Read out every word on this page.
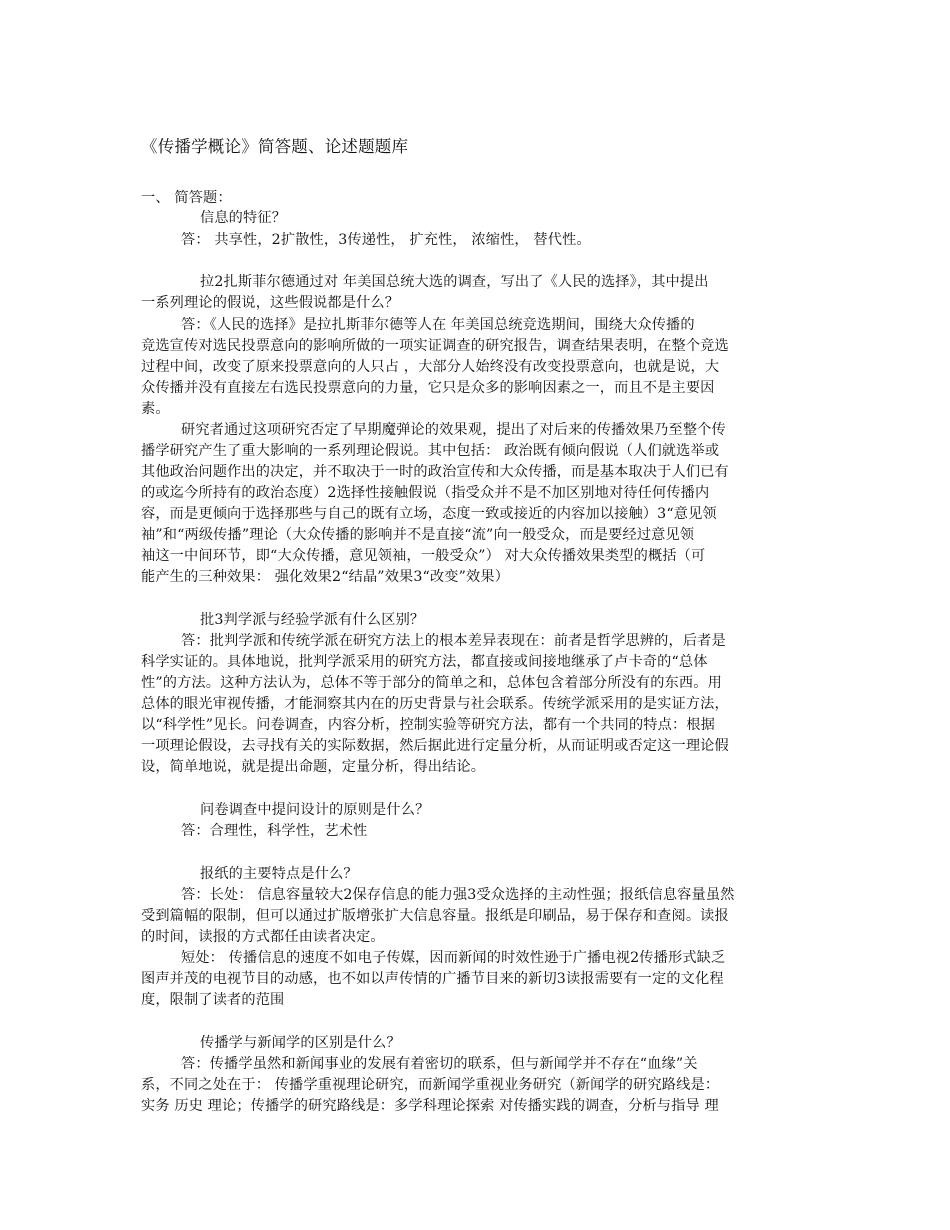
《传播学概论》简答题、论述题题库
一、 简答题：
信息的特征？
答： 共享性，2扩散性，3传递性， 扩充性， 浓缩性， 替代性。
拉2扎斯菲尔德通过对 年美国总统大选的调查，写出了《人民的选择》，其中提出
一系列理论的假说，这些假说都是什么？
答：《人民的选择》是拉扎斯菲尔德等人在 年美国总统竞选期间，围绕大众传播的
竞选宣传对选民投票意向的影响所做的一项实证调查的研究报告，调查结果表明，在整个竞选
过程中间，改变了原来投票意向的人只占 ，大部分人始终没有改变投票意向，也就是说，大
众传播并没有直接左右选民投票意向的力量，它只是众多的影响因素之一，而且不是主要因
素。
研究者通过这项研究否定了早期魔弹论的效果观，提出了对后来的传播效果乃至整个传
播学研究产生了重大影响的一系列理论假说。其中包括： 政治既有倾向假说（人们就选举或
其他政治问题作出的决定，并不取决于一时的政治宣传和大众传播，而是基本取决于人们已有
的或迄今所持有的政治态度）2选择性接触假说（指受众并不是不加区别地对待任何传播内
容，而是更倾向于选择那些与自己的既有立场，态度一致或接近的内容加以接触）3“意见领
袖”和“两级传播”理论（大众传播的影响并不是直接“流”向一般受众，而是要经过意见领
袖这一中间环节，即“大众传播，意见领袖，一般受众”） 对大众传播效果类型的概括（可
能产生的三种效果： 强化效果2“结晶”效果3“改变”效果）
批3判学派与经验学派有什么区别？
答：批判学派和传统学派在研究方法上的根本差异表现在：前者是哲学思辨的，后者是
科学实证的。具体地说，批判学派采用的研究方法，都直接或间接地继承了卢卡奇的“总体
性”的方法。这种方法认为，总体不等于部分的简单之和，总体包含着部分所没有的东西。用
总体的眼光审视传播，才能洞察其内在的历史背景与社会联系。传统学派采用的是实证方法，
以“科学性”见长。问卷调查，内容分析，控制实验等研究方法，都有一个共同的特点：根据
一项理论假设，去寻找有关的实际数据，然后据此进行定量分析，从而证明或否定这一理论假
设，简单地说，就是提出命题，定量分析，得出结论。
问卷调查中提问设计的原则是什么？
答：合理性，科学性，艺术性
报纸的主要特点是什么？
答：长处： 信息容量较大2保存信息的能力强3受众选择的主动性强；报纸信息容量虽然
受到篇幅的限制，但可以通过扩版增张扩大信息容量。报纸是印刷品，易于保存和查阅。读报
的时间，读报的方式都任由读者决定。
短处： 传播信息的速度不如电子传媒，因而新闻的时效性逊于广播电视2传播形式缺乏
图声并茂的电视节目的动感，也不如以声传情的广播节目来的新切3读报需要有一定的文化程
度，限制了读者的范围
传播学与新闻学的区别是什么？
答：传播学虽然和新闻事业的发展有着密切的联系，但与新闻学并不存在“血缘”关
系，不同之处在于： 传播学重视理论研究，而新闻学重视业务研究（新闻学的研究路线是：
实务 历史 理论；传播学的研究路线是：多学科理论探索 对传播实践的调查，分析与指导 理
